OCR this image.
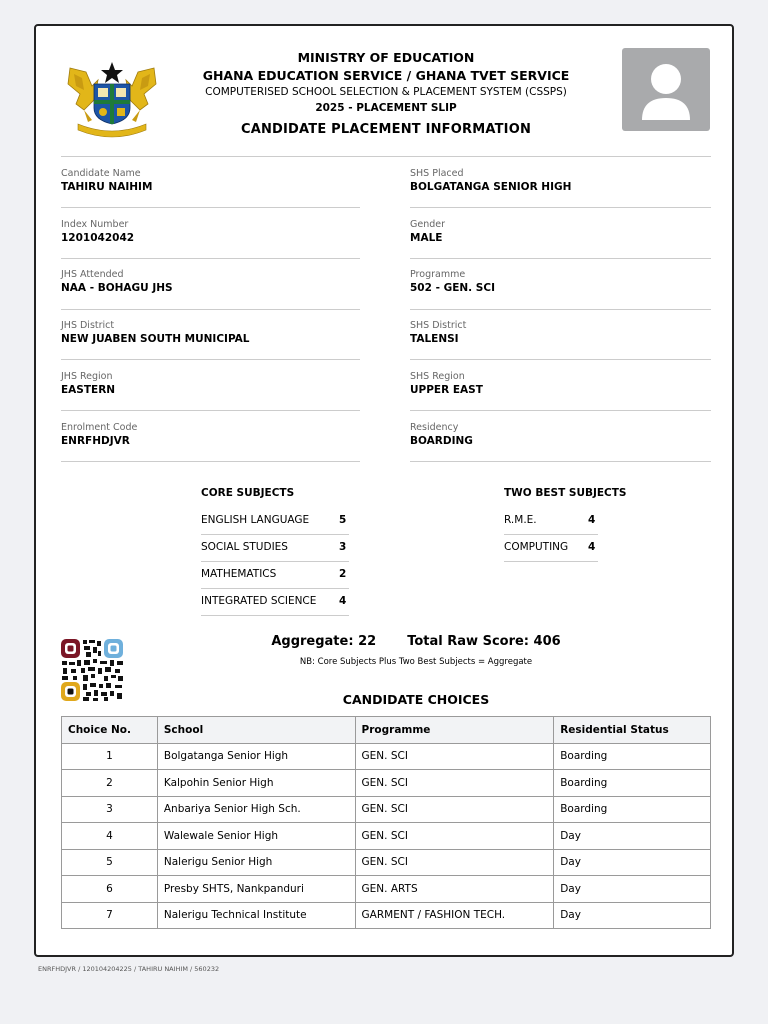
MINISTRY OF EDUCATION
GHANA EDUCATION SERVICE / GHANA TVET SERVICE
COMPUTERISED SCHOOL SELECTION & PLACEMENT SYSTEM (CSSPS)
2025 - PLACEMENT SLIP
CANDIDATE PLACEMENT INFORMATION
Candidate Name
TAHIRU NAIHIM
Index Number
1201042042
JHS Attended
NAA - BOHAGU JHS
JHS District
NEW JUABEN SOUTH MUNICIPAL
JHS Region
EASTERN
Enrolment Code
ENRFHDJVR
SHS Placed
BOLGATANGA SENIOR HIGH
Gender
MALE
Programme
502 - GEN. SCI
SHS District
TALENSI
SHS Region
UPPER EAST
Residency
BOARDING
CORE SUBJECTS
ENGLISH LANGUAGE	5
SOCIAL STUDIES	3
MATHEMATICS	2
INTEGRATED SCIENCE 4
TWO BEST SUBJECTS
R.M.E.	4
COMPUTING 4
Aggregate: 22 Total Raw Score: 406
NB: Core Subjects Plus Two Best Subjects = Aggregate
CANDIDATE CHOICES
Choice No.	School	Programme	Residential Status
1	Bolgatanga Senior High	GEN. SCI	Boarding
2	Kalpohin Senior High	GEN. SCI	Boarding
3	Anbariya Senior High Sch.	GEN. SCI	Boarding
4	Walewale Senior High	GEN. SCI	Day
5	Nalerigu Senior High	GEN. SCI	Day
6	Presby SHTS, Nankpanduri	GEN. ARTS	Day
7	Nalerigu Technical Institute	GARMENT / FASHION TECH.	Day
ENRFHDJVR / 120104204225 / TAHIRU NAIHIM / 560232
